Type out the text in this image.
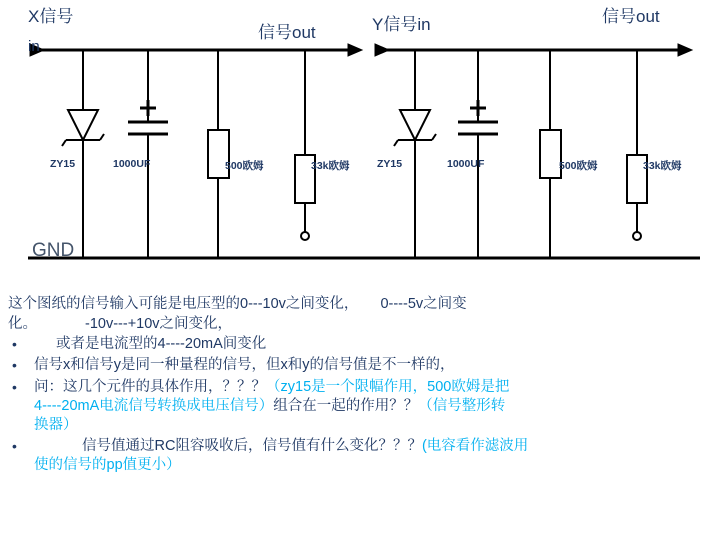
X信号
in
信号out	Y信号in	信号out
GND
ZY15	1000UF	500欧姆	33k欧姆	ZY15	1000UF	500欧姆	33k欧姆
这个图纸的信号输入可能是电压型的0---10v之间变化， 0----5v之间变
化。	-10v---+10v之间变化，
•	或者是电流型的4----20mA间变化
• 信号x和信号y是同一种量程的信号，但x和y的信号值是不一样的，
• 问：这几个元件的具体作用，？？？（zy15是一个限幅作用，500欧姆是把
4----20mA电流信号转换成电压信号）组合在一起的作用？？（信号整形转
换器）
•	信号值通过RC阻容吸收后，信号值有什么变化？？？(电容看作滤波用
使的信号的pp值更小）
